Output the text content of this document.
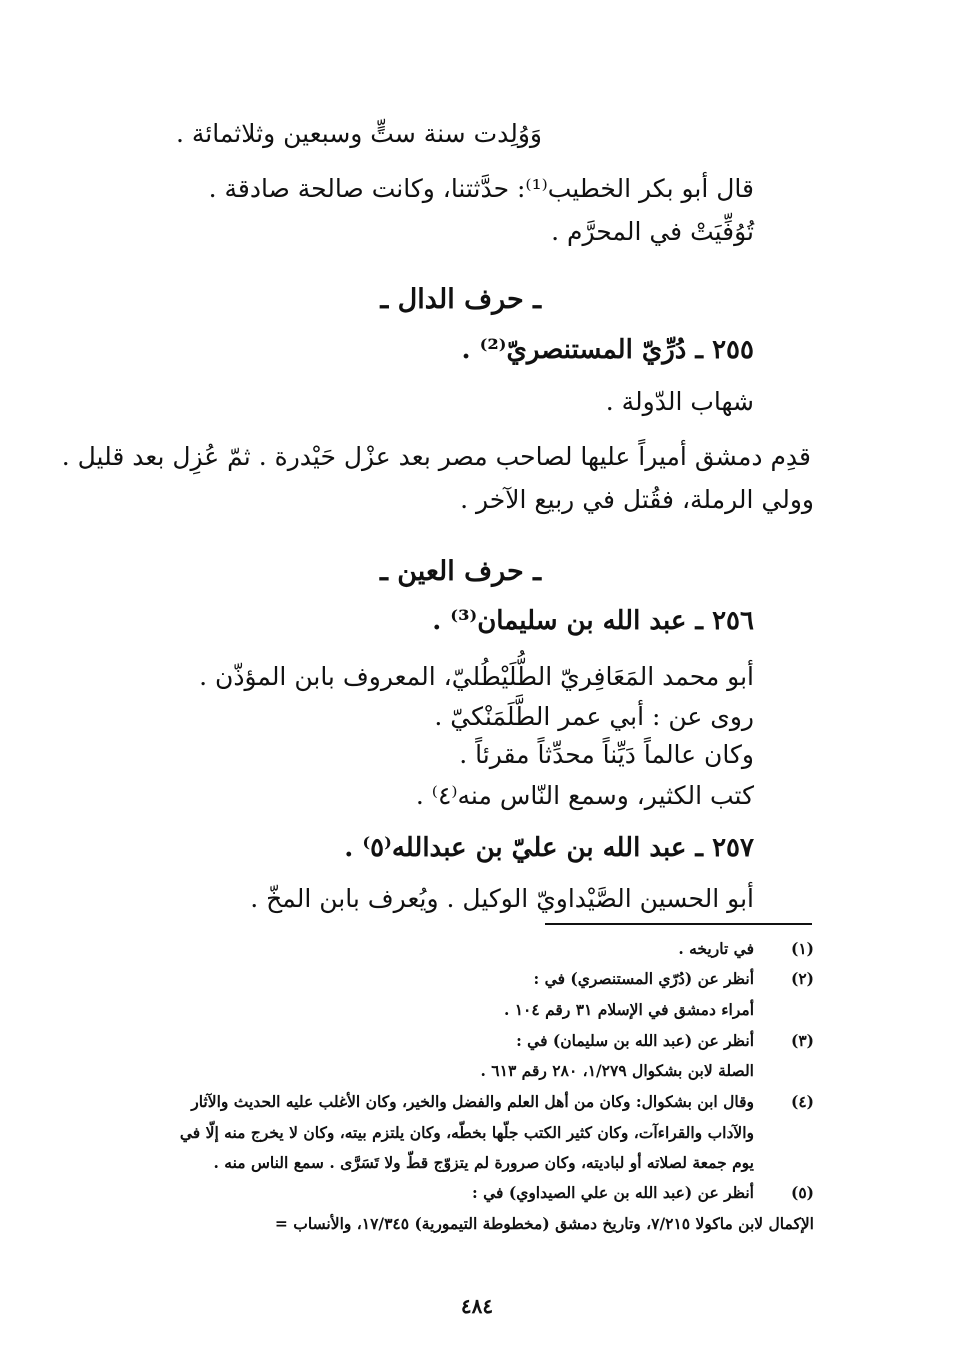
وَوُلِدت سنة ستٍّ وسبعين وثلاثمائة .
قال أبو بكر الخطيب⁽¹⁾: حدَّثتنا، وكانت صالحة صادقة .
تُوُفِّيَتْ في المحرَّم .
ـ حرف الدال ـ
٢٥٥ ـ دُرِّيّ المستنصريّ⁽²⁾ .
شهاب الدّولة .
قدِم دمشق أميراً عليها لصاحب مصر بعد عزْل حَيْدرة . ثمّ عُزِل بعد قليل .
وولي الرملة، فقُتل في ربيع الآخر .
ـ حرف العين ـ
٢٥٦ ـ عبد الله بن سليمان⁽³⁾ .
أبو محمد المَعَافِريّ الطُّلَيْطُليّ، المعروف بابن المؤذّن .
روى عن : أبي عمر الطَّلَمَنْكيّ .
وكان عالماً دَيِّناً محدِّثاً مقرئاً .
كتب الكثير، وسمع النّاس منه⁽٤⁾ .
٢٥٧ ـ عبد الله بن عليّ بن عبدالله⁽٥⁾ .
أبو الحسين الصَّيْداويّ الوكيل . ويُعرف بابن المخّ .
(١)
في تاريخه .
(٢)
أنظر عن (دُرّي المستنصري) في :
أمراء دمشق في الإسلام ٣١ رقم ١٠٤ .
(٣)
أنظر عن (عبد الله بن سليمان) في :
الصلة لابن بشكوال ١/٢٧٩، ٢٨٠ رقم ٦١٣ .
(٤)
وقال ابن بشكوال: وكان من أهل العلم والفضل والخير، وكان الأغلب عليه الحديث والآثار
والآداب والقراءآت، وكان كثير الكتب جلّها بخطّه، وكان يلتزم بيته، وكان لا يخرج منه إلّا في
يوم جمعة لصلاته أو لباديته، وكان صرورة لم يتزوّج قطّ ولا تَسَرَّى . سمع الناس منه .
(٥)
أنظر عن (عبد الله بن علي الصيداوي) في :
الإكمال لابن ماكولا ٧/٢١٥، وتاريخ دمشق (مخطوطة التيمورية) ١٧/٣٤٥، والأنساب =
٤٨٤
